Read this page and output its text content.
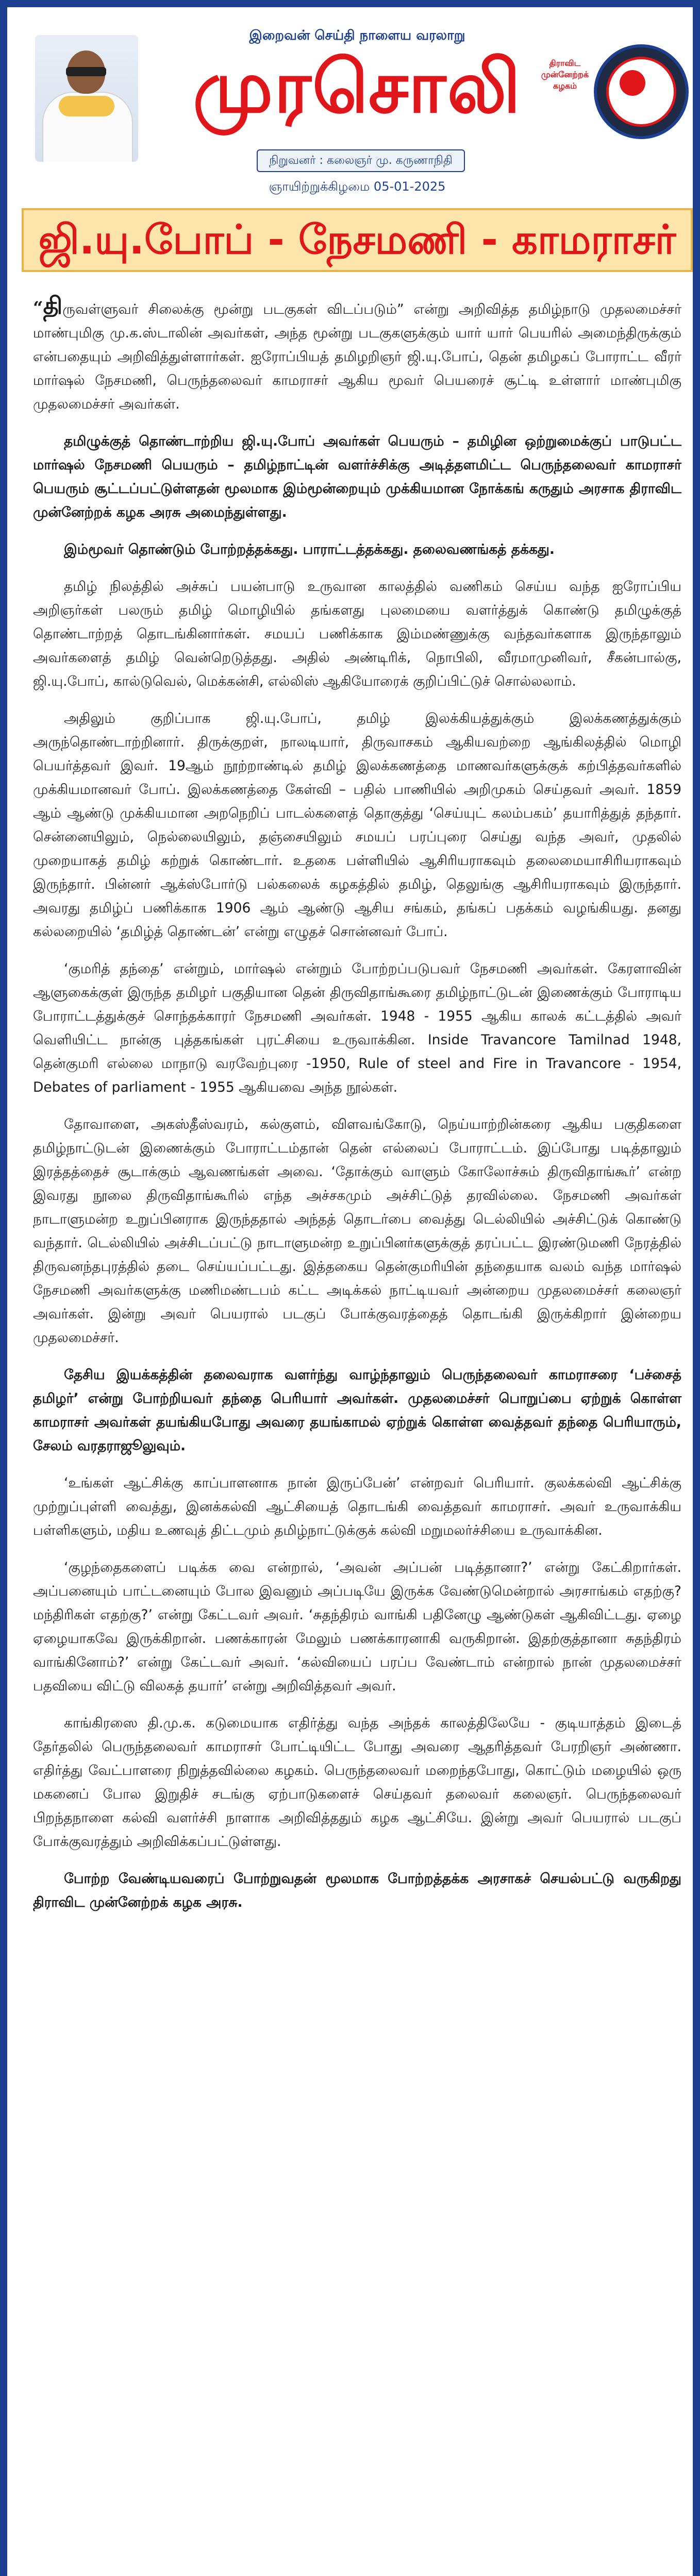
இறைவன் செய்தி நாளைய வரலாறு
முரசொலி
நிறுவனர் : கலைஞர் மு. கருணாநிதி
திராவிட முன்னேற்றக் கழகம்
ஞாயிற்றுக்கிழமை 05-01-2025
ஜி.யு.போப் - நேசமணி - காமராசர்

“திருவள்ளுவர் சிலைக்கு மூன்று படகுகள் விடப்படும்” என்று அறிவித்த தமிழ்நாடு முதலமைச்சர் மாண்புமிகு மு.க.ஸ்டாலின் அவர்கள், அந்த மூன்று படகுகளுக்கும் யார் யார் பெயரில் அமைந்திருக்கும் என்பதையும் அறிவித்துள்ளார்கள். ஐரோப்பியத் தமிழறிஞர் ஜி.யு.போப், தென் தமிழகப் போராட்ட வீரர் மார்ஷல் நேசமணி, பெருந்தலைவர் காமராசர் ஆகிய மூவர் பெயரைச் சூட்டி உள்ளார் மாண்புமிகு முதலமைச்சர் அவர்கள்.

தமிழுக்குத் தொண்டாற்றிய ஜி.யு.போப் அவர்கள் பெயரும் – தமிழின ஒற்றுமைக்குப் பாடுபட்ட மார்ஷல் நேசமணி பெயரும் – தமிழ்நாட்டின் வளர்ச்சிக்கு அடித்தளமிட்ட பெருந்தலைவர் காமராசர் பெயரும் சூட்டப்பட்டுள்ளதன் மூலமாக இம்மூன்றையும் முக்கியமான நோக்கங் கருதும் அரசாக திராவிட முன்னேற்றக் கழக அரசு அமைந்துள்ளது.

இம்மூவர் தொண்டும் போற்றத்தக்கது. பாராட்டத்தக்கது. தலைவணங்கத் தக்கது.

தமிழ் நிலத்தில் அச்சுப் பயன்பாடு உருவான காலத்தில் வணிகம் செய்ய வந்த ஐரோப்பிய அறிஞர்கள் பலரும் தமிழ் மொழியில் தங்களது புலமையை வளர்த்துக் கொண்டு தமிழுக்குத் தொண்டாற்றத் தொடங்கினார்கள். சமயப் பணிக்காக இம்மண்ணுக்கு வந்தவர்களாக இருந்தாலும் அவர்களைத் தமிழ் வென்றெடுத்தது. அதில் அண்டிரிக், நொபிலி, வீரமாமுனிவர், சீகன்பால்கு, ஜி.யு.போப், கால்டுவெல், மெக்கன்சி, எல்லிஸ் ஆகியோரைக் குறிப்பிட்டுச் சொல்லலாம்.

அதிலும் குறிப்பாக ஜி.யு.போப், தமிழ் இலக்கியத்துக்கும் இலக்கணத்துக்கும் அருந்தொண்டாற்றினார். திருக்குறள், நாலடியார், திருவாசகம் ஆகியவற்றை ஆங்கிலத்தில் மொழி பெயர்த்தவர் இவர். 19ஆம் நூற்றாண்டில் தமிழ் இலக்கணத்தை மாணவர்களுக்குக் கற்பித்தவர்களில் முக்கியமானவர் போப். இலக்கணத்தை கேள்வி – பதில் பாணியில் அறிமுகம் செய்தவர் அவர். 1859 ஆம் ஆண்டு முக்கியமான அறநெறிப் பாடல்களைத் தொகுத்து ‘செய்யுட் கலம்பகம்’ தயாரித்துத் தந்தார். சென்னையிலும், நெல்லையிலும், தஞ்சையிலும் சமயப் பரப்புரை செய்து வந்த அவர், முதலில் முறையாகத் தமிழ் கற்றுக் கொண்டார். உதகை பள்ளியில் ஆசிரியராகவும் தலைமையாசிரியராகவும் இருந்தார். பின்னர் ஆக்ஸ்போர்டு பல்கலைக் கழகத்தில் தமிழ், தெலுங்கு ஆசிரியராகவும் இருந்தார். அவரது தமிழ்ப் பணிக்காக 1906 ஆம் ஆண்டு ஆசிய சங்கம், தங்கப் பதக்கம் வழங்கியது. தனது கல்லறையில் ‘தமிழ்த் தொண்டன்’ என்று எழுதச் சொன்னவர் போப்.

‘குமரித் தந்தை’ என்றும், மார்ஷல் என்றும் போற்றப்படுபவர் நேசமணி அவர்கள். கேரளாவின் ஆளுகைக்குள் இருந்த தமிழர் பகுதியான தென் திருவிதாங்கூரை தமிழ்நாட்டுடன் இணைக்கும் போராடிய போராட்டத்துக்குச் சொந்தக்காரர் நேசமணி அவர்கள். 1948 - 1955 ஆகிய காலக் கட்டத்தில் அவர் வெளியிட்ட நான்கு புத்தகங்கள் புரட்சியை உருவாக்கின. Inside Travancore Tamilnad 1948, தென்குமரி எல்லை மாநாடு வரவேற்புரை -1950, Rule of steel and Fire in Travancore - 1954, Debates of parliament - 1955 ஆகியவை அந்த நூல்கள்.

தோவாளை, அகஸ்தீஸ்வரம், கல்குளம், விளவங்கோடு, நெய்யாற்றின்கரை ஆகிய பகுதிகளை தமிழ்நாட்டுடன் இணைக்கும் போராட்டம்தான் தென் எல்லைப் போராட்டம். இப்போது படித்தாலும் இரத்தத்தைச் சூடாக்கும் ஆவணங்கள் அவை. ‘தோக்கும் வாளும் கோலோச்சும் திருவிதாங்கூர்’ என்ற இவரது நூலை திருவிதாங்கூரில் எந்த அச்சகமும் அச்சிட்டுத் தரவில்லை. நேசமணி அவர்கள் நாடாளுமன்ற உறுப்பினராக இருந்ததால் அந்தத் தொடர்பை வைத்து டெல்லியில் அச்சிட்டுக் கொண்டு வந்தார். டெல்லியில் அச்சிடப்பட்டு நாடாளுமன்ற உறுப்பினர்களுக்குத் தரப்பட்ட இரண்டுமணி நேரத்தில் திருவனந்தபுரத்தில் தடை செய்யப்பட்டது. இத்தகைய தென்குமரியின் தந்தையாக வலம் வந்த மார்ஷல் நேசமணி அவர்களுக்கு மணிமண்டபம் கட்ட அடிக்கல் நாட்டியவர் அன்றைய முதலமைச்சர் கலைஞர் அவர்கள். இன்று அவர் பெயரால் படகுப் போக்குவரத்தைத் தொடங்கி இருக்கிறார் இன்றைய முதலமைச்சர்.

தேசிய இயக்கத்தின் தலைவராக வளர்ந்து வாழ்ந்தாலும் பெருந்தலைவர் காமராசரை ‘பச்சைத் தமிழர்’ என்று போற்றியவர் தந்தை பெரியார் அவர்கள். முதலமைச்சர் பொறுப்பை ஏற்றுக் கொள்ள காமராசர் அவர்கள் தயங்கியபோது அவரை தயங்காமல் ஏற்றுக் கொள்ள வைத்தவர் தந்தை பெரியாரும், சேலம் வரதராஜூலுவும்.

‘உங்கள் ஆட்சிக்கு காப்பாளனாக நான் இருப்பேன்’ என்றவர் பெரியார். குலக்கல்வி ஆட்சிக்கு முற்றுப்புள்ளி வைத்து, இனக்கல்வி ஆட்சியைத் தொடங்கி வைத்தவர் காமராசர். அவர் உருவாக்கிய பள்ளிகளும், மதிய உணவுத் திட்டமும் தமிழ்நாட்டுக்குக் கல்வி மறுமலர்ச்சியை உருவாக்கின.

‘குழந்தைகளைப் படிக்க வை என்றால், ‘அவன் அப்பன் படித்தானா?’ என்று கேட்கிறார்கள். அப்பனையும் பாட்டனையும் போல இவனும் அப்படியே இருக்க வேண்டுமென்றால் அரசாங்கம் எதற்கு? மந்திரிகள் எதற்கு?’ என்று கேட்டவர் அவர். ‘சுதந்திரம் வாங்கி பதினேழு ஆண்டுகள் ஆகிவிட்டது. ஏழை ஏழையாகவே இருக்கிறான். பணக்காரன் மேலும் பணக்காரனாகி வருகிறான். இதற்குத்தானா சுதந்திரம் வாங்கினோம்?’ என்று கேட்டவர் அவர். ‘கல்வியைப் பரப்ப வேண்டாம் என்றால் நான் முதலமைச்சர் பதவியை விட்டு விலகத் தயார்’ என்று அறிவித்தவர் அவர்.

காங்கிரஸை தி.மு.க. கடுமையாக எதிர்த்து வந்த அந்தக் காலத்திலேயே - குடியாத்தம் இடைத் தேர்தலில் பெருந்தலைவர் காமராசர் போட்டியிட்ட போது அவரை ஆதரித்தவர் பேரறிஞர் அண்ணா. எதிர்த்து வேட்பாளரை நிறுத்தவில்லை கழகம். பெருந்தலைவர் மறைந்தபோது, கொட்டும் மழையில் ஒரு மகனைப் போல இறுதிச் சடங்கு ஏற்பாடுகளைச் செய்தவர் தலைவர் கலைஞர். பெருந்தலைவர் பிறந்தநாளை கல்வி வளர்ச்சி நாளாக அறிவித்ததும் கழக ஆட்சியே. இன்று அவர் பெயரால் படகுப் போக்குவரத்தும் அறிவிக்கப்பட்டுள்ளது.

போற்ற வேண்டியவரைப் போற்றுவதன் மூலமாக போற்றத்தக்க அரசாகச் செயல்பட்டு வருகிறது திராவிட முன்னேற்றக் கழக அரசு.
